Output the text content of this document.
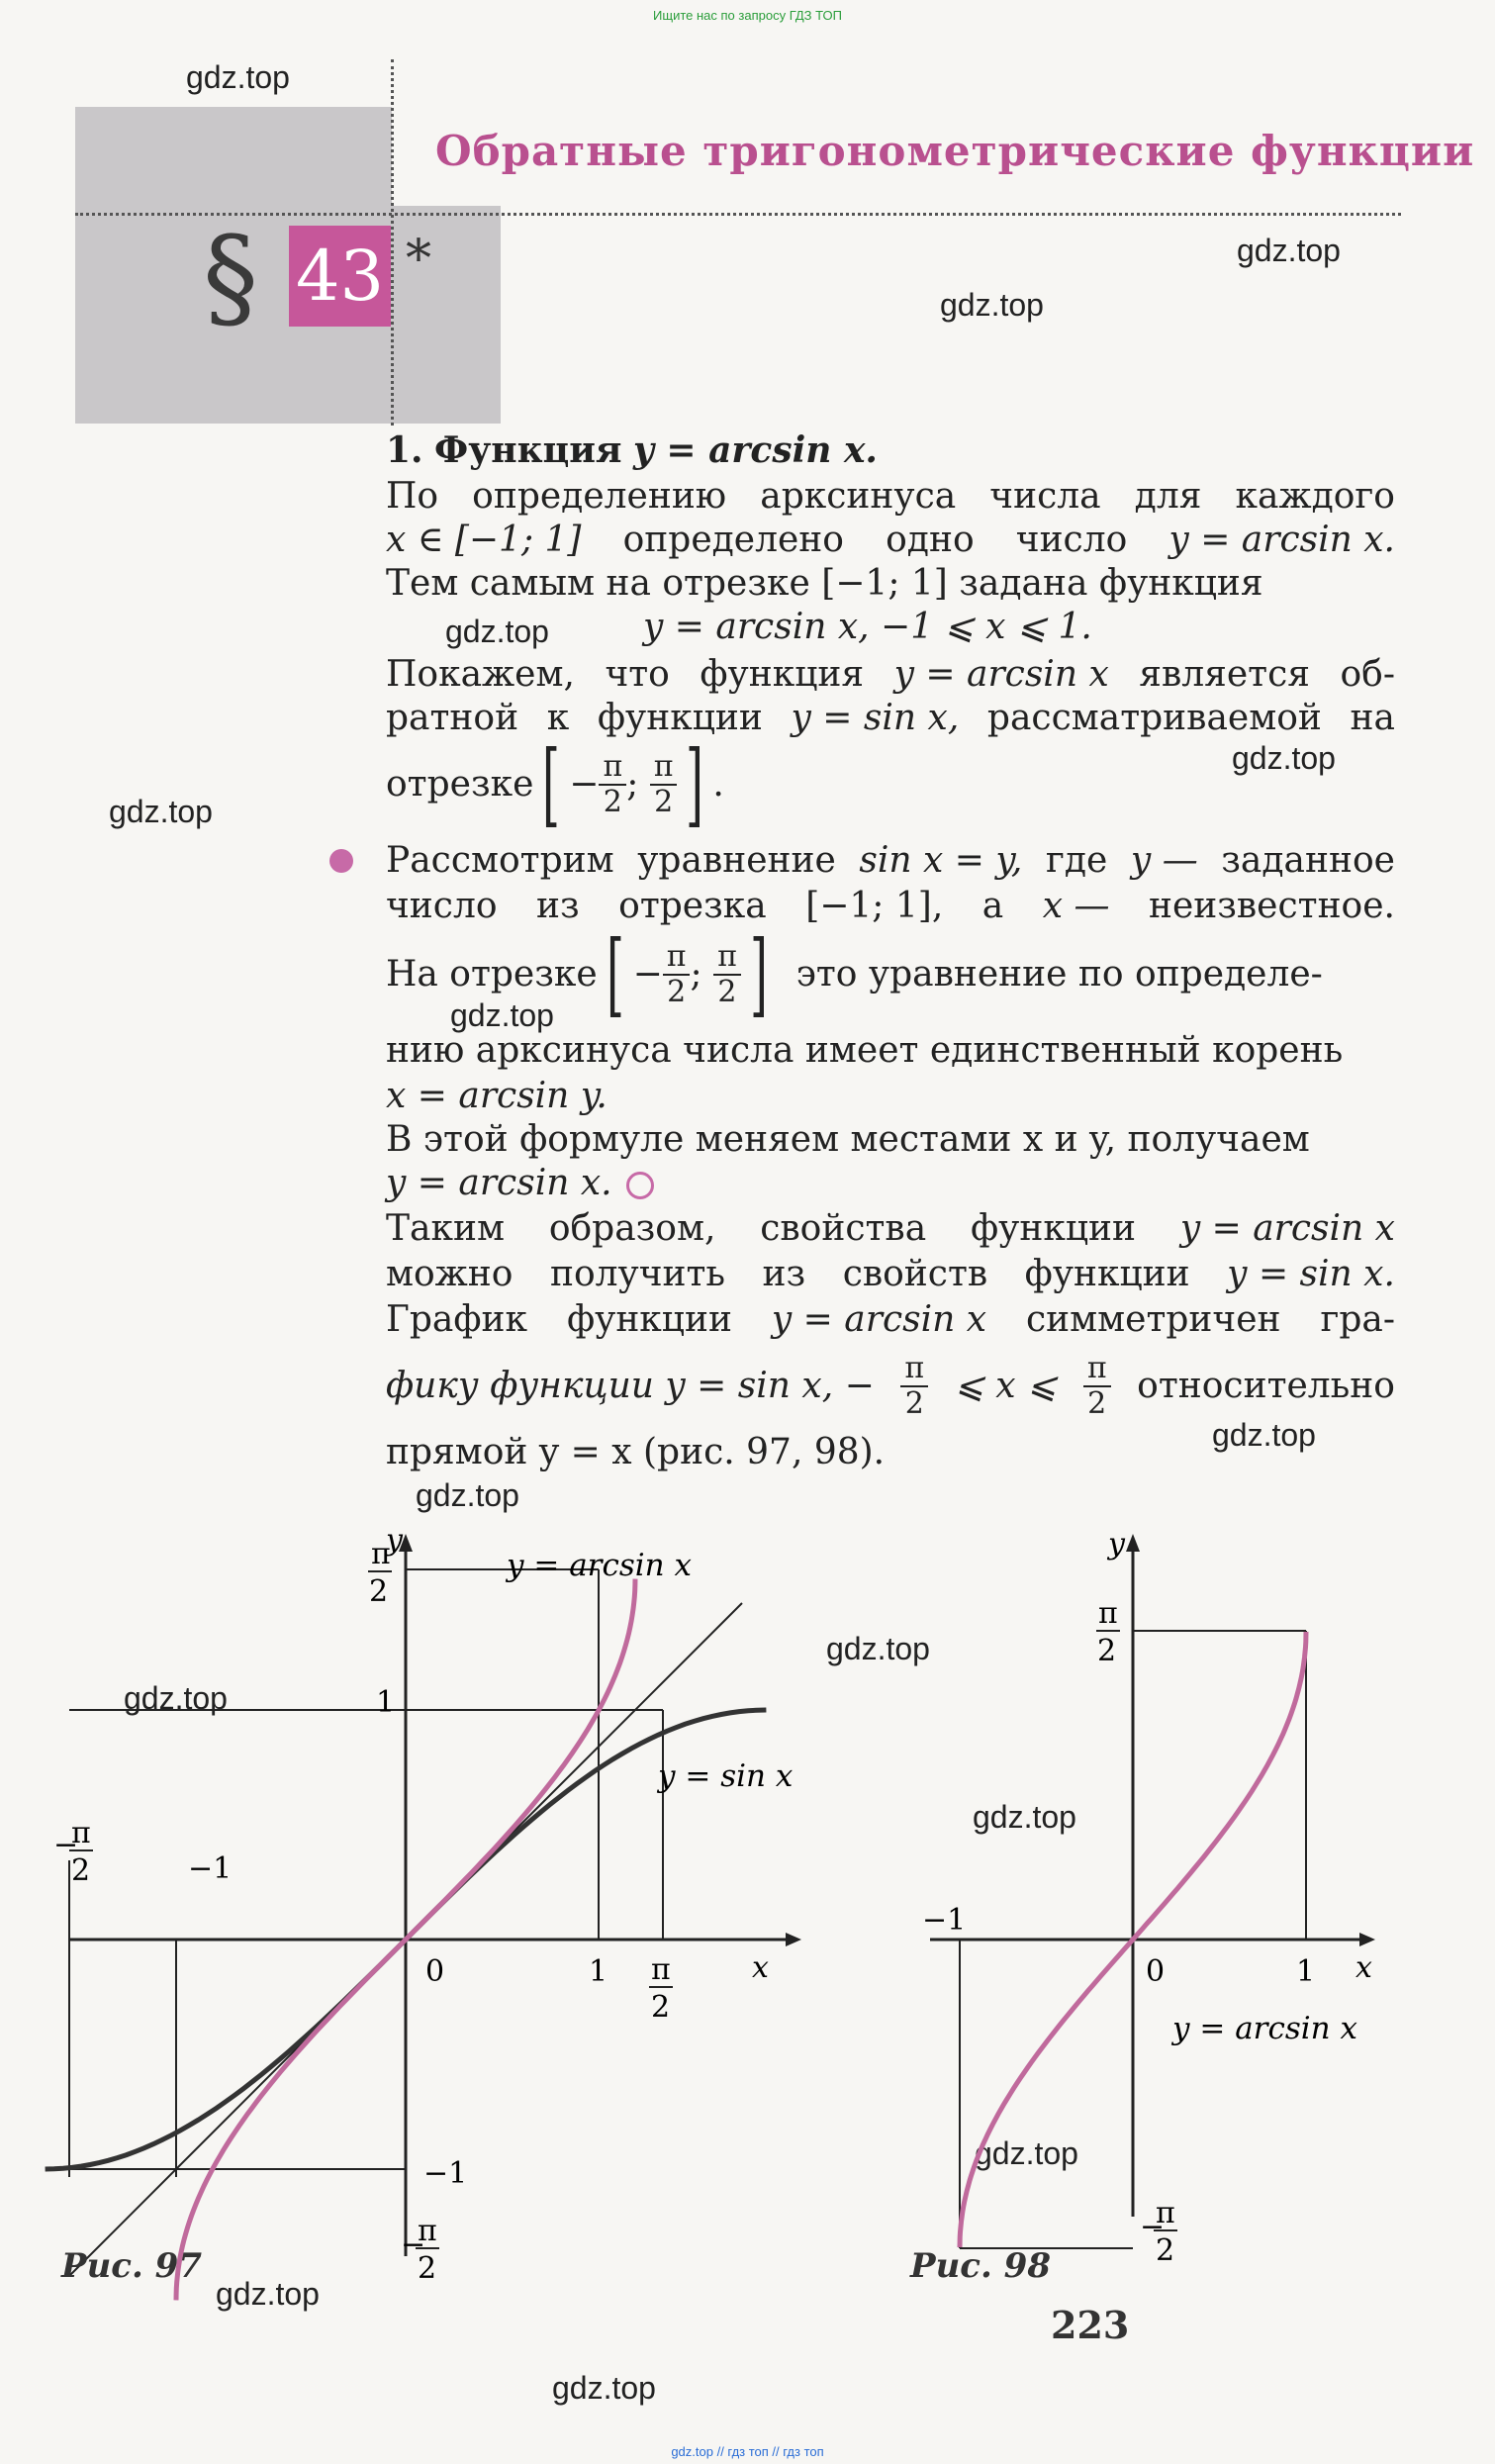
Ищите нас по запросу ГДЗ ТОП
gdz.top // гдз топ // гдз топ
§ 43 *
Обратные тригонометрические функции
gdz.top
gdz.top
gdz.top
gdz.top
gdz.top
gdz.top
gdz.top
gdz.top
gdz.top
gdz.top
gdz.top
gdz.top
gdz.top
gdz.top
gdz.top
1. Функция y = arcsin x.
По определению арксинуса числа для каждого
x ∈ [−1; 1] определено одно число y = arcsin x.
Тем самым на отрезке [−1; 1] задана функция
y = arcsin x, −1 ⩽ x ⩽ 1.
Покажем, что функция y = arcsin x является об-
ратной к функции y = sin x, рассматриваемой на
отрезке [ − $\frac{\pi}{2}$ ; $\frac{\pi}{2}$ ] .
Рассмотрим уравнение sin x = y, где y — заданное
число из отрезка [−1; 1], а x — неизвестное.
На отрезке [ − $\frac{\pi}{2}$ ; $\frac{\pi}{2}$ ] это уравнение по определе-
нию арксинуса числа имеет единственный корень
x = arcsin y.
В этой формуле меняем местами x и y, получаем
y = arcsin x.
Таким образом, свойства функции y = arcsin x
можно получить из свойств функции y = sin x.
График функции y = arcsin x симметричен гра-
фику функции y = sin x, − $\frac{\pi}{2}$ ⩽ x ⩽ $\frac{\pi}{2}$ относительно
прямой y = x (рис. 97, 98).
y
x
y = arcsin x
y = sin x
0	1
−1
1
−1
π
2
π
2
−
π
2
−
π
2
Рис. 97
y
x
0	1
−1
y = arcsin x
π
2
−
π
2
Рис. 98
223
